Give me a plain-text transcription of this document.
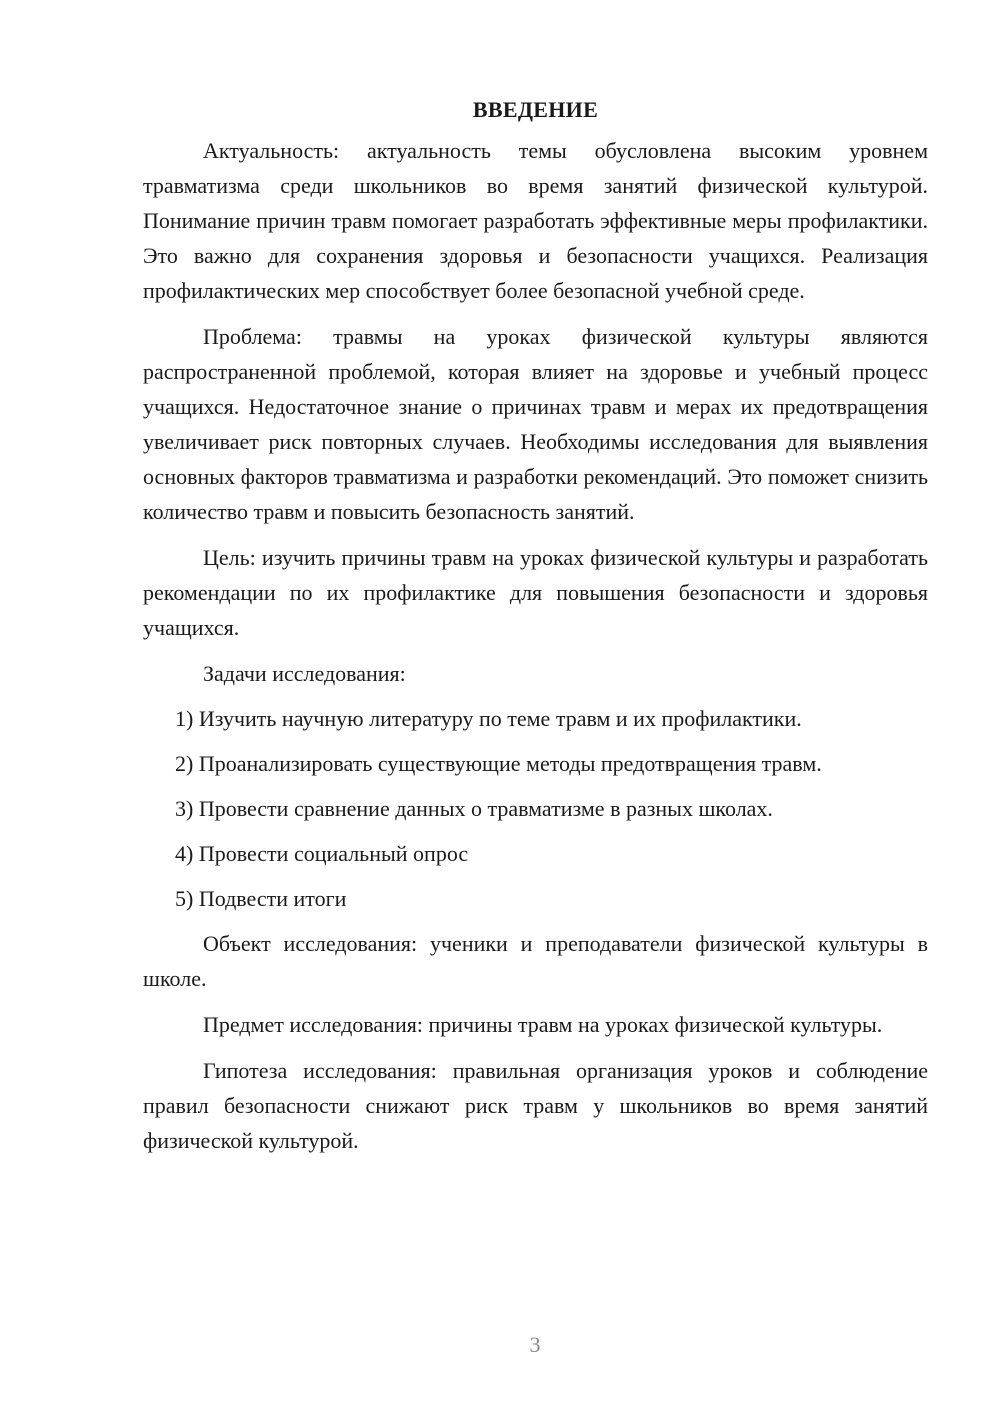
ВВЕДЕНИЕ

Актуальность: актуальность темы обусловлена высоким уровнем травматизма среди школьников во время занятий физической культурой. Понимание причин травм помогает разработать эффективные меры профилактики. Это важно для сохранения здоровья и безопасности учащихся. Реализация профилактических мер способствует более безопасной учебной среде.

Проблема: травмы на уроках физической культуры являются распространенной проблемой, которая влияет на здоровье и учебный процесс учащихся. Недостаточное знание о причинах травм и мерах их предотвращения увеличивает риск повторных случаев. Необходимы исследования для выявления основных факторов травматизма и разработки рекомендаций. Это поможет снизить количество травм и повысить безопасность занятий.

Цель: изучить причины травм на уроках физической культуры и разработать рекомендации по их профилактике для повышения безопасности и здоровья учащихся.

Задачи исследования:

1) Изучить научную литературу по теме травм и их профилактики.

2) Проанализировать существующие методы предотвращения травм.

3) Провести сравнение данных о травматизме в разных школах.

4) Провести социальный опрос

5) Подвести итоги

Объект исследования: ученики и преподаватели физической культуры в школе.

Предмет исследования: причины травм на уроках физической культуры.

Гипотеза исследования: правильная организация уроков и соблюдение правил безопасности снижают риск травм у школьников во время занятий физической культурой.

3
